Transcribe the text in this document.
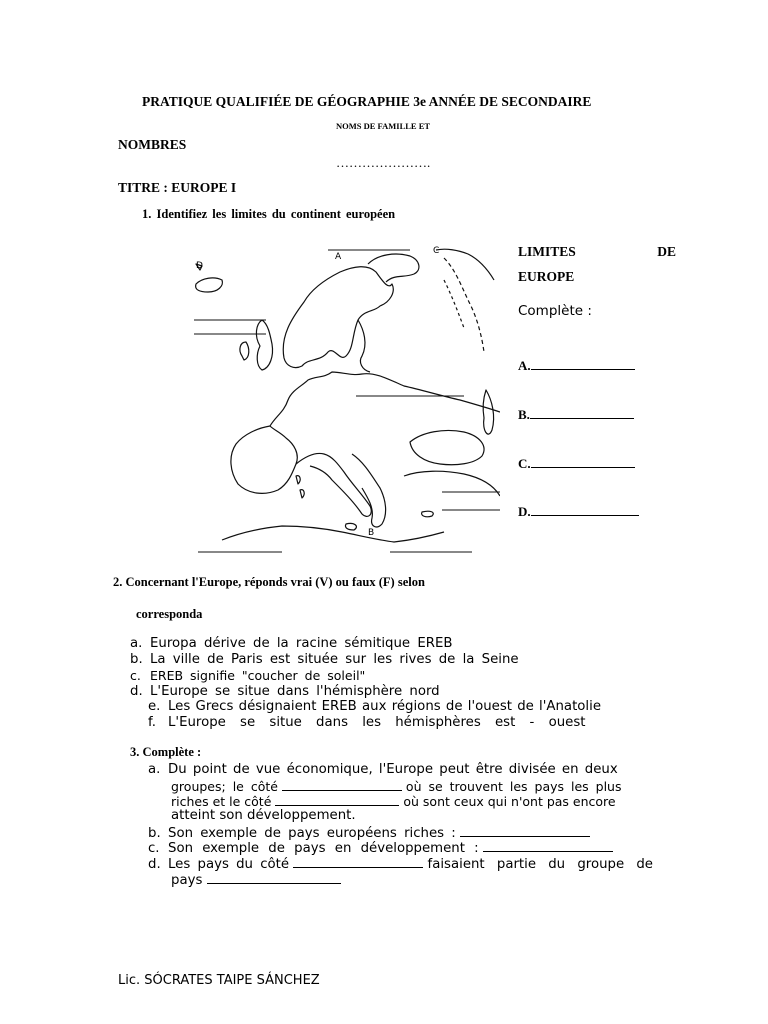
PRATIQUE QUALIFIÉE DE GÉOGRAPHIE 3e ANNÉE DE SECONDAIRE
NOMS DE FAMILLE ET
NOMBRES
………………….
TITRE : EUROPE I
1. Identifiez les limites du continent européen
A
C
D
B
LIMITES	DE
EUROPE
Complète :
A.
B.
C.
D.
2. Concernant l'Europe, réponds vrai (V) ou faux (F) selon
corresponda
a. Europa dérive de la racine sémitique EREB
b. La ville de Paris est située sur les rives de la Seine
c. EREB signifie "coucher de soleil"
d. L'Europe se situe dans l'hémisphère nord
e. Les Grecs désignaient EREB aux régions de l'ouest de l'Anatolie
f. L'Europe se situe dans les hémisphères est - ouest
3. Complète :
a. Du point de vue économique, l'Europe peut être divisée en deux
groupes; le côté	où se trouvent les pays les plus
riches et le côté	où sont ceux qui n'ont pas encore
atteint son développement.
b. Son exemple de pays européens riches :
c. Son exemple de pays en développement :
d. Les pays du côté	faisaient partie du groupe de
pays
Lic. SÓCRATES TAIPE SÁNCHEZ
